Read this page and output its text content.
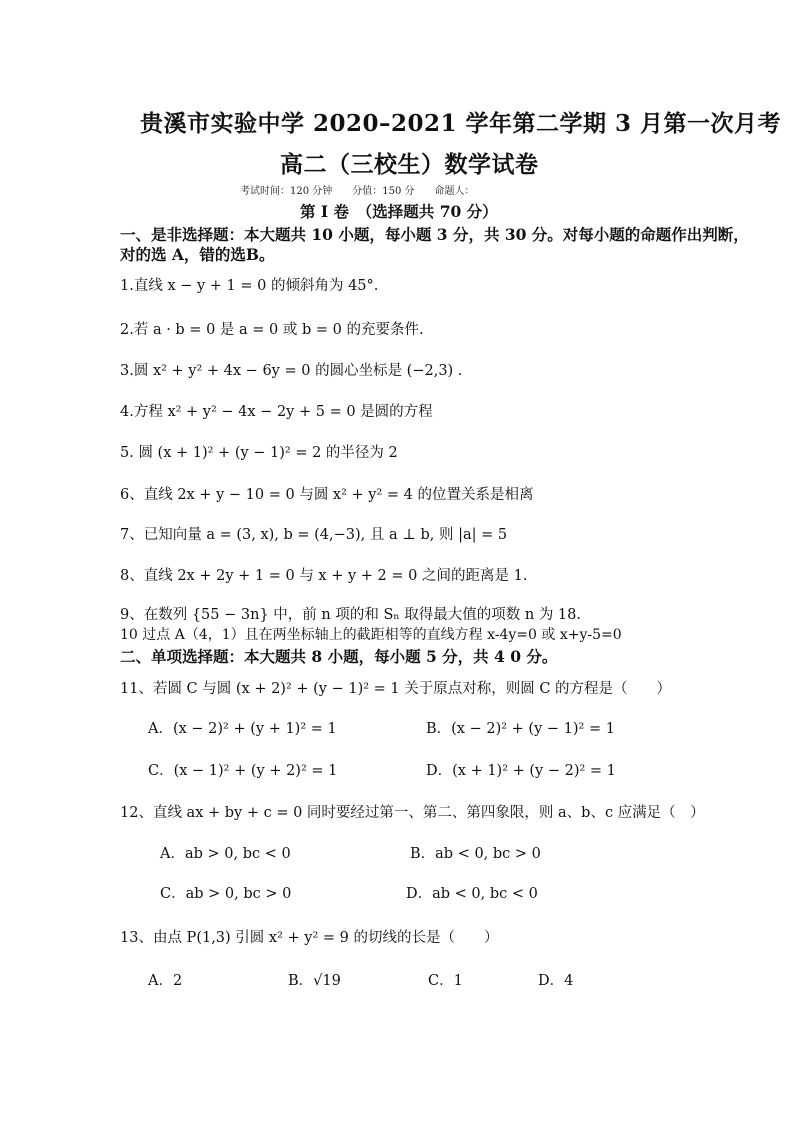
贵溪市实验中学 2020–2021 学年第二学期 3 月第一次月考
高二（三校生）数学试卷
考试时间：120 分钟　　分值：150 分　　命题人：
第 I 卷　（选择题共 70 分）
一、是非选择题：本大题共 10 小题，每小题 3 分，共 30 分。对每小题的命题作出判断，
对的选 A，错的选B。
1.直线 x − y + 1 = 0 的倾斜角为 45°.
2.若 a · b = 0 是 a = 0 或 b = 0 的充要条件.
3.圆 x² + y² + 4x − 6y = 0 的圆心坐标是 (−2,3) .
4.方程 x² + y² − 4x − 2y + 5 = 0 是圆的方程
5. 圆 (x + 1)² + (y − 1)² = 2 的半径为 2
6、直线 2x + y − 10 = 0 与圆 x² + y² = 4 的位置关系是相离
7、已知向量 a = (3, x), b = (4,−3), 且 a ⊥ b, 则 |a| = 5
8、直线 2x + 2y + 1 = 0 与 x + y + 2 = 0 之间的距离是 1.
9、在数列 {55 − 3n} 中，前 n 项的和 Sₙ 取得最大值的项数 n 为 18.
10 过点 A（4，1）且在两坐标轴上的截距相等的直线方程 x-4y=0 或 x+y-5=0
二、单项选择题：本大题共 8 小题，每小题 5 分，共 4 0 分。
11、若圆 C 与圆 (x + 2)² + (y − 1)² = 1 关于原点对称，则圆 C 的方程是（　　）
A．(x − 2)² + (y + 1)² = 1	B．(x − 2)² + (y − 1)² = 1
C．(x − 1)² + (y + 2)² = 1	D．(x + 1)² + (y − 2)² = 1
12、直线 ax + by + c = 0 同时要经过第一、第二、第四象限，则 a、b、c 应满足（　）
A．ab > 0, bc < 0	B．ab < 0, bc > 0
C．ab > 0, bc > 0	D．ab < 0, bc < 0
13、由点 P(1,3) 引圆 x² + y² = 9 的切线的长是（　　）
A．2	B．√19	C．1	D．4
